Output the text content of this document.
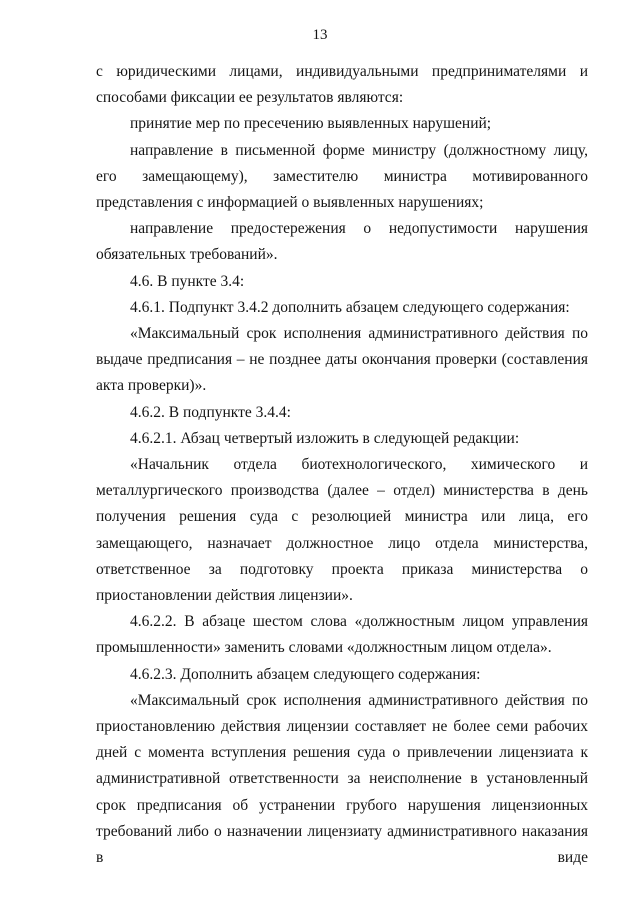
13

с юридическими лицами, индивидуальными предпринимателями и способами фиксации ее результатов являются:

принятие мер по пресечению выявленных нарушений;

направление в письменной форме министру (должностному лицу, его замещающему), заместителю министра мотивированного представления с информацией о выявленных нарушениях;

направление предостережения о недопустимости нарушения обязательных требований».

4.6. В пункте 3.4:

4.6.1. Подпункт 3.4.2 дополнить абзацем следующего содержания:

«Максимальный срок исполнения административного действия по выдаче предписания – не позднее даты окончания проверки (составления акта проверки)».

4.6.2. В подпункте 3.4.4:

4.6.2.1. Абзац четвертый изложить в следующей редакции:

«Начальник отдела биотехнологического, химического и металлургического производства (далее – отдел) министерства в день получения решения суда с резолюцией министра или лица, его замещающего, назначает должностное лицо отдела министерства, ответственное за подготовку проекта приказа министерства о приостановлении действия лицензии».

4.6.2.2. В абзаце шестом слова «должностным лицом управления промышленности» заменить словами «должностным лицом отдела».

4.6.2.3. Дополнить абзацем следующего содержания:

«Максимальный срок исполнения административного действия по приостановлению действия лицензии составляет не более семи рабочих дней с момента вступления решения суда о привлечении лицензиата к административной ответственности за неисполнение в установленный срок предписания об устранении грубого нарушения лицензионных требований либо о назначении лицензиату административного наказания в виде
